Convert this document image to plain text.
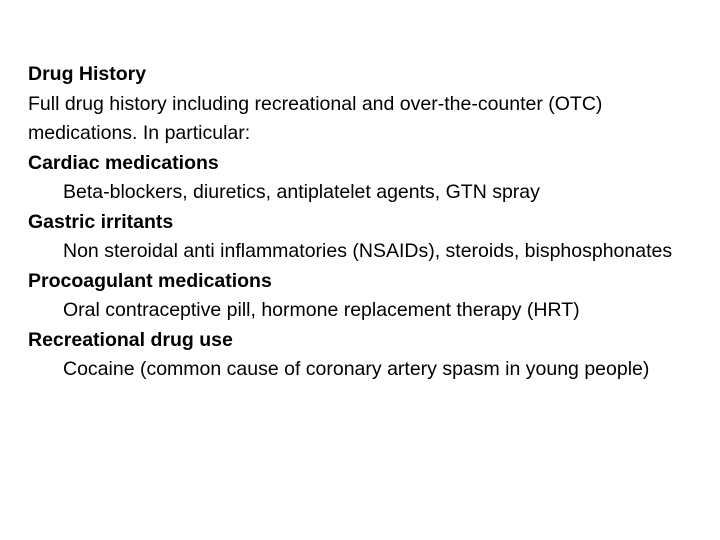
Drug History

Full drug history including recreational and over-the-counter (OTC) medications. In particular:

Cardiac medications

Beta-blockers, diuretics, antiplatelet agents, GTN spray

Gastric irritants

Non steroidal anti inflammatories (NSAIDs), steroids, bisphosphonates

Procoagulant medications

Oral contraceptive pill, hormone replacement therapy (HRT)

Recreational drug use

Cocaine (common cause of coronary artery spasm in young people)
